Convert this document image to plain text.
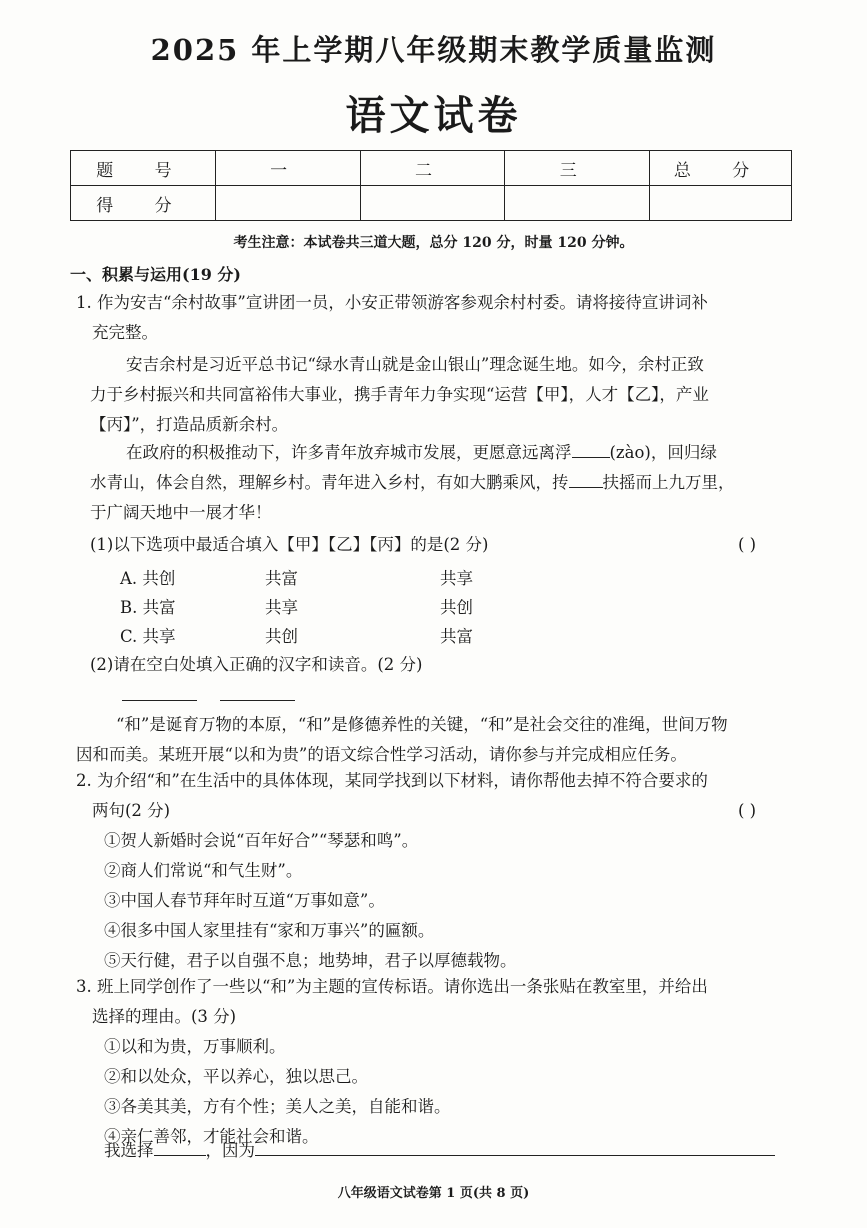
2025 年上学期八年级期末教学质量监测
语文试卷
题 号	一	二	三	总 分
得 分				
考生注意：本试卷共三道大题，总分 120 分，时量 120 分钟。
一、积累与运用(19 分)
1. 作为安吉“余村故事”宣讲团一员，小安正带领游客参观余村村委。请将接待宣讲词补
充完整。
安吉余村是习近平总书记“绿水青山就是金山银山”理念诞生地。如今，余村正致
力于乡村振兴和共同富裕伟大事业，携手青年力争实现“运营【甲】，人才【乙】，产业
【丙】”，打造品质新余村。
在政府的积极推动下，许多青年放弃城市发展，更愿意远离浮 (zào)，回归绿
水青山，体会自然，理解乡村。青年进入乡村，有如大鹏乘风，抟 扶摇而上九万里，
于广阔天地中一展才华！
(1)以下选项中最适合填入【甲】【乙】【丙】的是(2 分)	( )
A. 共创	共富	共享
B. 共富	共享	共创
C. 共享	共创	共富
(2)请在空白处填入正确的汉字和读音。(2 分)
“和”是诞育万物的本原，“和”是修德养性的关键，“和”是社会交往的准绳，世间万物
因和而美。某班开展“以和为贵”的语文综合性学习活动，请你参与并完成相应任务。
2. 为介绍“和”在生活中的具体体现，某同学找到以下材料，请你帮他去掉不符合要求的
两句(2 分)	( )
①贺人新婚时会说“百年好合”“琴瑟和鸣”。
②商人们常说“和气生财”。
③中国人春节拜年时互道“万事如意”。
④很多中国人家里挂有“家和万事兴”的匾额。
⑤天行健，君子以自强不息；地势坤，君子以厚德载物。
3. 班上同学创作了一些以“和”为主题的宣传标语。请你选出一条张贴在教室里，并给出
选择的理由。(3 分)
①以和为贵，万事顺利。
②和以处众，平以养心，独以思己。
③各美其美，方有个性；美人之美，自能和谐。
④亲仁善邻，才能社会和谐。
我选择	，因为
八年级语文试卷第 1 页(共 8 页)
